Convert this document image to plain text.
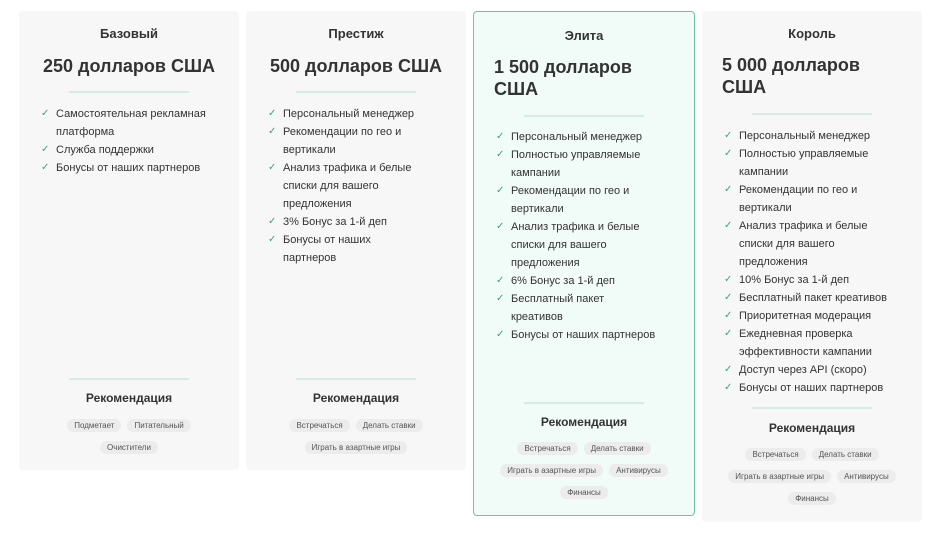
Базовый
250 долларов США
✓ Самостоятельная рекламная платформа
✓ Служба поддержки
✓ Бонусы от наших партнеров
Рекомендация
Подметает	Питательный
Очистители
Престиж
500 долларов США
✓ Персональный менеджер
✓ Рекомендации по гео и вертикали
✓ Анализ трафика и белые списки для вашего предложения
✓ 3% Бонус за 1-й деп
✓ Бонусы от наших партнеров
Рекомендация
Встречаться	Делать ставки
Играть в азартные игры
Элита
1 500 долларов США
✓ Персональный менеджер
✓ Полностью управляемые кампании
✓ Рекомендации по гео и вертикали
✓ Анализ трафика и белые списки для вашего предложения
✓ 6% Бонус за 1-й деп
✓ Бесплатный пакет креативов
✓ Бонусы от наших партнеров
Рекомендация
Встречаться	Делать ставки
Играть в азартные игры	Антивирусы
Финансы
Король
5 000 долларов США
✓ Персональный менеджер
✓ Полностью управляемые кампании
✓ Рекомендации по гео и вертикали
✓ Анализ трафика и белые списки для вашего предложения
✓ 10% Бонус за 1-й деп
✓ Бесплатный пакет креативов
✓ Приоритетная модерация
✓ Ежедневная проверка эффективности кампании
✓ Доступ через API (скоро)
✓ Бонусы от наших партнеров
Рекомендация
Встречаться	Делать ставки
Играть в азартные игры	Антивирусы
Финансы
